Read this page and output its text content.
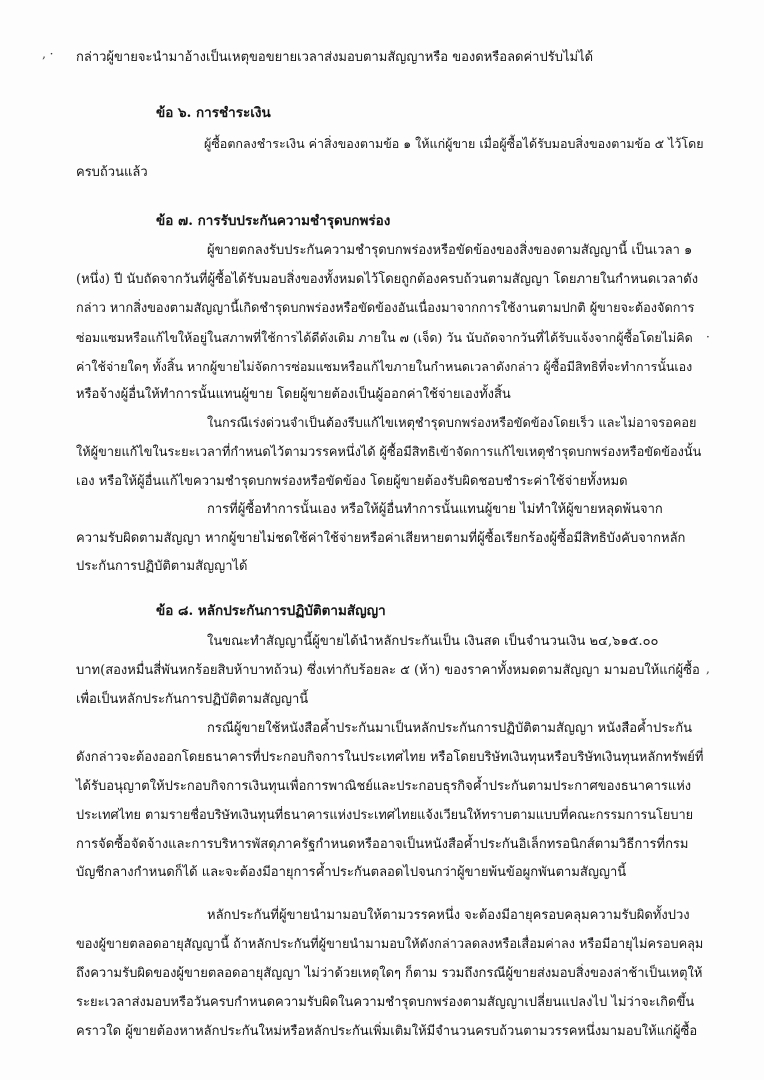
‚ · กล่าวผู้ขายจะนำมาอ้างเป็นเหตุขอขยายเวลาส่งมอบตามสัญญาหรือ ของดหรือลดค่าปรับไม่ได้
ข้อ ๖. การชำระเงิน
ผู้ซื้อตกลงชำระเงิน ค่าสิ่งของตามข้อ ๑ ให้แก่ผู้ขาย เมื่อผู้ซื้อได้รับมอบสิ่งของตามข้อ ๕ ไว้โดย
ครบถ้วนแล้ว
ข้อ ๗. การรับประกันความชำรุดบกพร่อง
ผู้ขายตกลงรับประกันความชำรุดบกพร่องหรือขัดข้องของสิ่งของตามสัญญานี้ เป็นเวลา ๑
(หนึ่ง) ปี นับถัดจากวันที่ผู้ซื้อได้รับมอบสิ่งของทั้งหมดไว้โดยถูกต้องครบถ้วนตามสัญญา โดยภายในกำหนดเวลาดัง
กล่าว หากสิ่งของตามสัญญานี้เกิดชำรุดบกพร่องหรือขัดข้องอันเนื่องมาจากการใช้งานตามปกติ ผู้ขายจะต้องจัดการ
ซ่อมแซมหรือแก้ไขให้อยู่ในสภาพที่ใช้การได้ดีดังเดิม ภายใน ๗ (เจ็ด) วัน นับถัดจากวันที่ได้รับแจ้งจากผู้ซื้อโดยไม่คิด	·
ค่าใช้จ่ายใดๆ ทั้งสิ้น หากผู้ขายไม่จัดการซ่อมแซมหรือแก้ไขภายในกำหนดเวลาดังกล่าว ผู้ซื้อมีสิทธิที่จะทำการนั้นเอง
หรือจ้างผู้อื่นให้ทำการนั้นแทนผู้ขาย โดยผู้ขายต้องเป็นผู้ออกค่าใช้จ่ายเองทั้งสิ้น
ในกรณีเร่งด่วนจำเป็นต้องรีบแก้ไขเหตุชำรุดบกพร่องหรือขัดข้องโดยเร็ว และไม่อาจรอคอย
ให้ผู้ขายแก้ไขในระยะเวลาที่กำหนดไว้ตามวรรคหนึ่งได้ ผู้ซื้อมีสิทธิเข้าจัดการแก้ไขเหตุชำรุดบกพร่องหรือขัดข้องนั้น
เอง หรือให้ผู้อื่นแก้ไขความชำรุดบกพร่องหรือขัดข้อง โดยผู้ขายต้องรับผิดชอบชำระค่าใช้จ่ายทั้งหมด
การที่ผู้ซื้อทำการนั้นเอง หรือให้ผู้อื่นทำการนั้นแทนผู้ขาย ไม่ทำให้ผู้ขายหลุดพ้นจาก
ความรับผิดตามสัญญา หากผู้ขายไม่ชดใช้ค่าใช้จ่ายหรือค่าเสียหายตามที่ผู้ซื้อเรียกร้องผู้ซื้อมีสิทธิบังคับจากหลัก
ประกันการปฏิบัติตามสัญญาได้
ข้อ ๘. หลักประกันการปฏิบัติตามสัญญา
ในขณะทำสัญญานี้ผู้ขายได้นำหลักประกันเป็น เงินสด เป็นจำนวนเงิน ๒๔,๖๑๕.๐๐
บาท(สองหมื่นสี่พันหกร้อยสิบห้าบาทถ้วน) ซึ่งเท่ากับร้อยละ ๕ (ห้า) ของราคาทั้งหมดตามสัญญา มามอบให้แก่ผู้ซื้อ ,
เพื่อเป็นหลักประกันการปฏิบัติตามสัญญานี้
กรณีผู้ขายใช้หนังสือค้ำประกันมาเป็นหลักประกันการปฏิบัติตามสัญญา หนังสือค้ำประกัน
ดังกล่าวจะต้องออกโดยธนาคารที่ประกอบกิจการในประเทศไทย หรือโดยบริษัทเงินทุนหรือบริษัทเงินทุนหลักทรัพย์ที่
ได้รับอนุญาตให้ประกอบกิจการเงินทุนเพื่อการพาณิชย์และประกอบธุรกิจค้ำประกันตามประกาศของธนาคารแห่ง
ประเทศไทย ตามรายชื่อบริษัทเงินทุนที่ธนาคารแห่งประเทศไทยแจ้งเวียนให้ทราบตามแบบที่คณะกรรมการนโยบาย
การจัดซื้อจัดจ้างและการบริหารพัสดุภาครัฐกำหนดหรืออาจเป็นหนังสือค้ำประกันอิเล็กทรอนิกส์ตามวิธีการที่กรม
บัญชีกลางกำหนดก็ได้ และจะต้องมีอายุการค้ำประกันตลอดไปจนกว่าผู้ขายพ้นข้อผูกพันตามสัญญานี้
หลักประกันที่ผู้ขายนำมามอบให้ตามวรรคหนึ่ง จะต้องมีอายุครอบคลุมความรับผิดทั้งปวง
ของผู้ขายตลอดอายุสัญญานี้ ถ้าหลักประกันที่ผู้ขายนำมามอบให้ดังกล่าวลดลงหรือเสื่อมค่าลง หรือมีอายุไม่ครอบคลุม
ถึงความรับผิดของผู้ขายตลอดอายุสัญญา ไม่ว่าด้วยเหตุใดๆ ก็ตาม รวมถึงกรณีผู้ขายส่งมอบสิ่งของล่าช้าเป็นเหตุให้
ระยะเวลาส่งมอบหรือวันครบกำหนดความรับผิดในความชำรุดบกพร่องตามสัญญาเปลี่ยนแปลงไป ไม่ว่าจะเกิดขึ้น
คราวใด ผู้ขายต้องหาหลักประกันใหม่หรือหลักประกันเพิ่มเติมให้มีจำนวนครบถ้วนตามวรรคหนึ่งมามอบให้แก่ผู้ซื้อ
